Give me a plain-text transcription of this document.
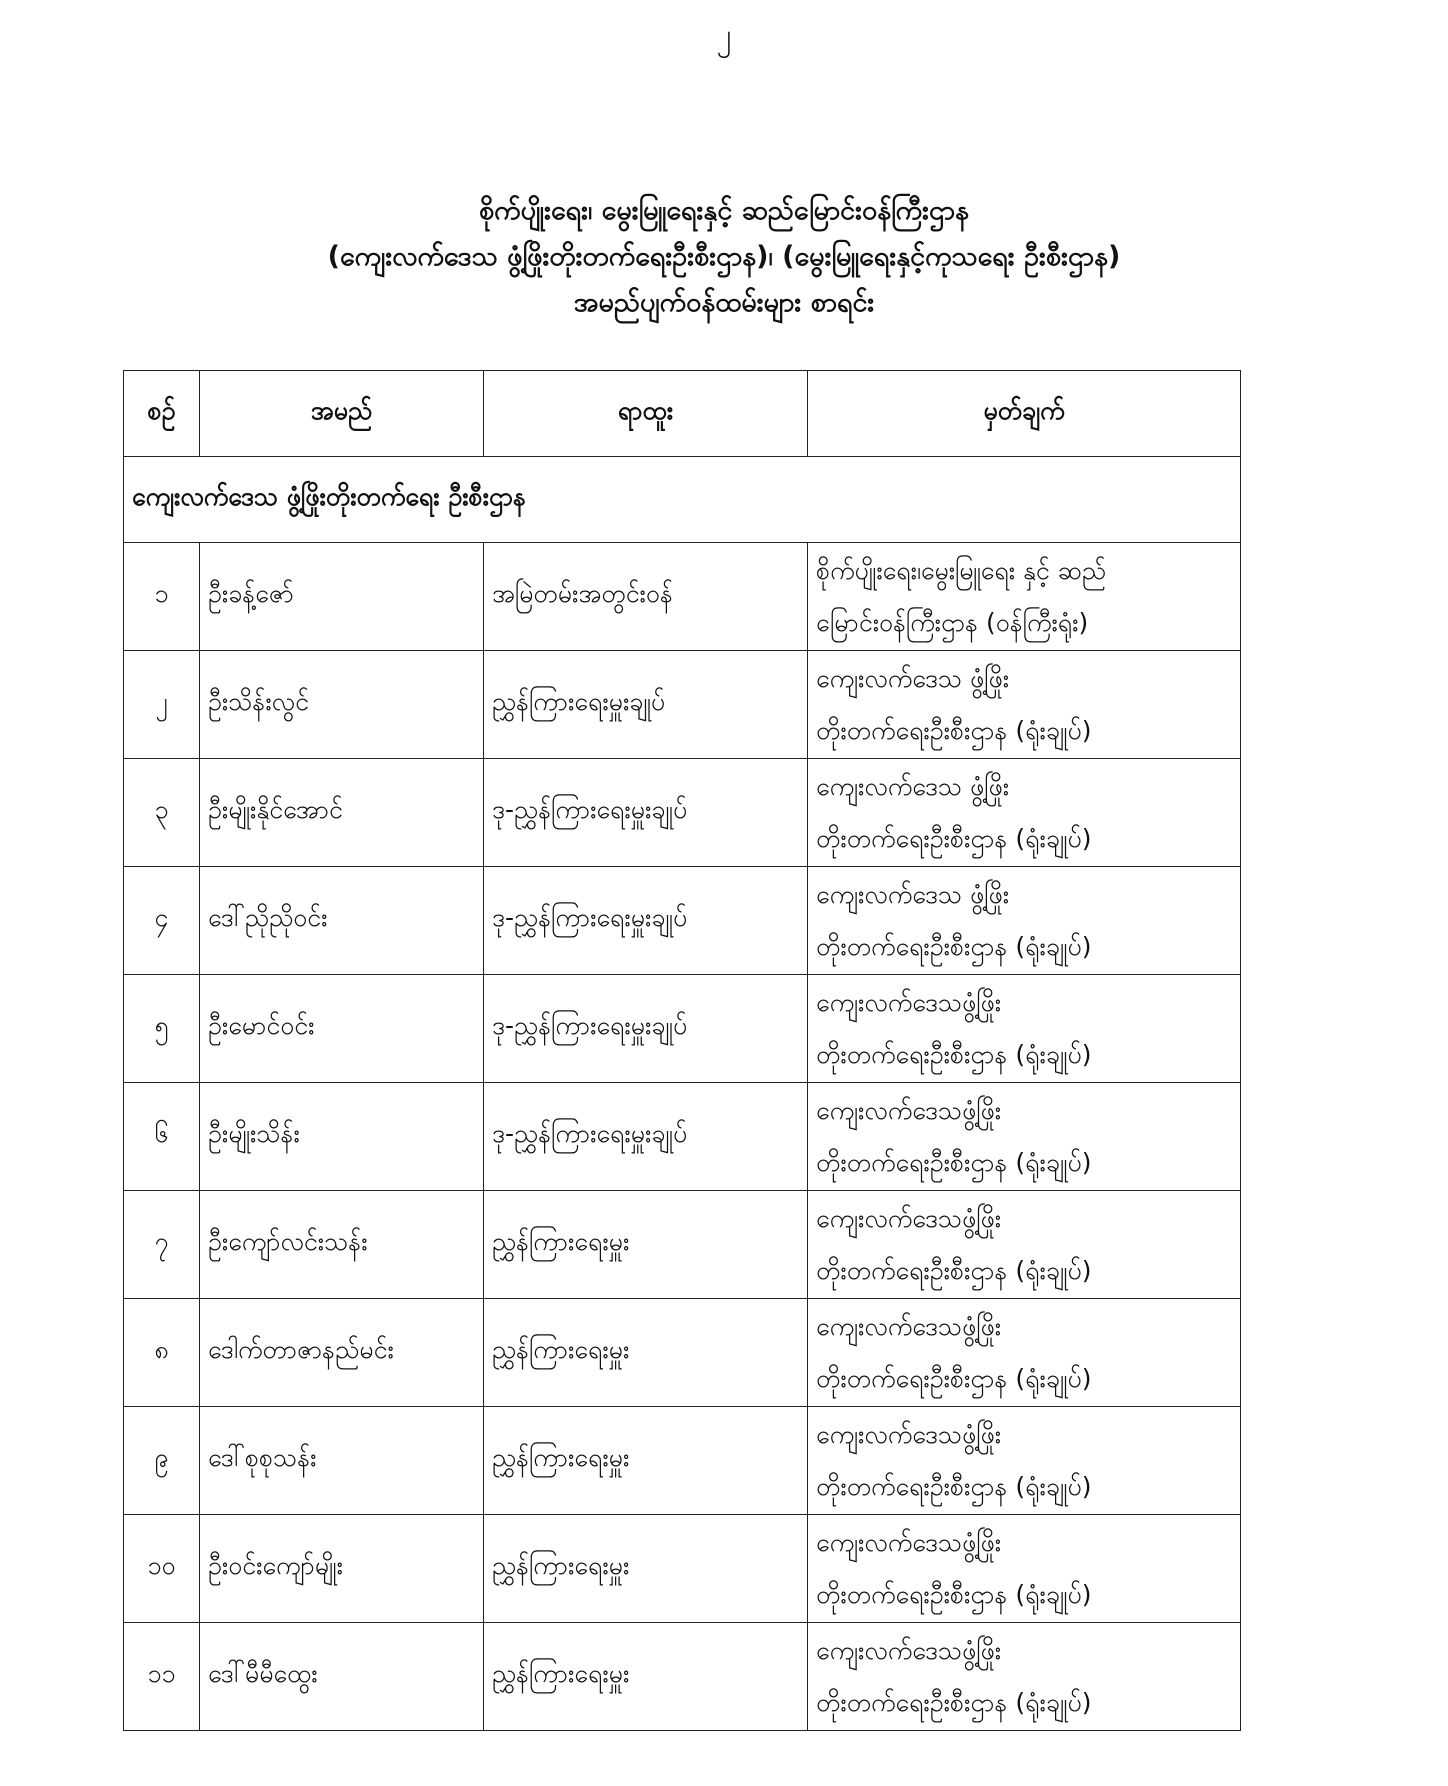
၂
စိုက်ပျိုးရေး၊ မွေးမြူရေးနှင့် ဆည်မြောင်းဝန်ကြီးဌာန
(ကျေးလက်ဒေသ ဖွံ့ဖြိုးတိုးတက်ရေးဦးစီးဌာန)၊ (မွေးမြူရေးနှင့်ကုသရေး ဦးစီးဌာန)
အမည်ပျက်ဝန်ထမ်းများ စာရင်း
စဉ်	အမည်	ရာထူး	မှတ်ချက်
ကျေးလက်ဒေသ ဖွံ့ဖြိုးတိုးတက်ရေး ဦးစီးဌာန			
၁	ဦးခန့်ဇော်	အမြဲတမ်းအတွင်းဝန်	စိုက်ပျိုးရေး၊မွေးမြူရေး နှင့် ဆည်
မြောင်းဝန်ကြီးဌာန (ဝန်ကြီးရုံး)

၂	ဦးသိန်းလွင်	ညွှန်ကြားရေးမှူးချုပ်	ကျေးလက်ဒေသ ဖွံ့ဖြိုး
တိုးတက်ရေးဦးစီးဌာန (ရုံးချုပ်)

၃	ဦးမျိုးနိုင်အောင်	ဒု-ညွှန်ကြားရေးမှူးချုပ်	ကျေးလက်ဒေသ ဖွံ့ဖြိုး
တိုးတက်ရေးဦးစီးဌာန (ရုံးချုပ်)

၄	ဒေါ်ညိုညိုဝင်း	ဒု-ညွှန်ကြားရေးမှူးချုပ်	ကျေးလက်ဒေသ ဖွံ့ဖြိုး
တိုးတက်ရေးဦးစီးဌာန (ရုံးချုပ်)

၅	ဦးမောင်ဝင်း	ဒု-ညွှန်ကြားရေးမှူးချုပ်	ကျေးလက်ဒေသဖွံ့ဖြိုး
တိုးတက်ရေးဦးစီးဌာန (ရုံးချုပ်)

၆	ဦးမျိုးသိန်း	ဒု-ညွှန်ကြားရေးမှူးချုပ်	ကျေးလက်ဒေသဖွံ့ဖြိုး
တိုးတက်ရေးဦးစီးဌာန (ရုံးချုပ်)

၇	ဦးကျော်လင်းသန်း	ညွှန်ကြားရေးမှူး	ကျေးလက်ဒေသဖွံ့ဖြိုး
တိုးတက်ရေးဦးစီးဌာန (ရုံးချုပ်)

၈	ဒေါက်တာဇာနည်မင်း	ညွှန်ကြားရေးမှူး	ကျေးလက်ဒေသဖွံ့ဖြိုး
တိုးတက်ရေးဦးစီးဌာန (ရုံးချုပ်)

၉	ဒေါ်စုစုသန်း	ညွှန်ကြားရေးမှူး	ကျေးလက်ဒေသဖွံ့ဖြိုး
တိုးတက်ရေးဦးစီးဌာန (ရုံးချုပ်)

၁၀	ဦးဝင်းကျော်မျိုး	ညွှန်ကြားရေးမှူး	ကျေးလက်ဒေသဖွံ့ဖြိုး
တိုးတက်ရေးဦးစီးဌာန (ရုံးချုပ်)

၁၁	ဒေါ်မီမီထွေး	ညွှန်ကြားရေးမှူး	ကျေးလက်ဒေသဖွံ့ဖြိုး
တိုးတက်ရေးဦးစီးဌာန (ရုံးချုပ်)
